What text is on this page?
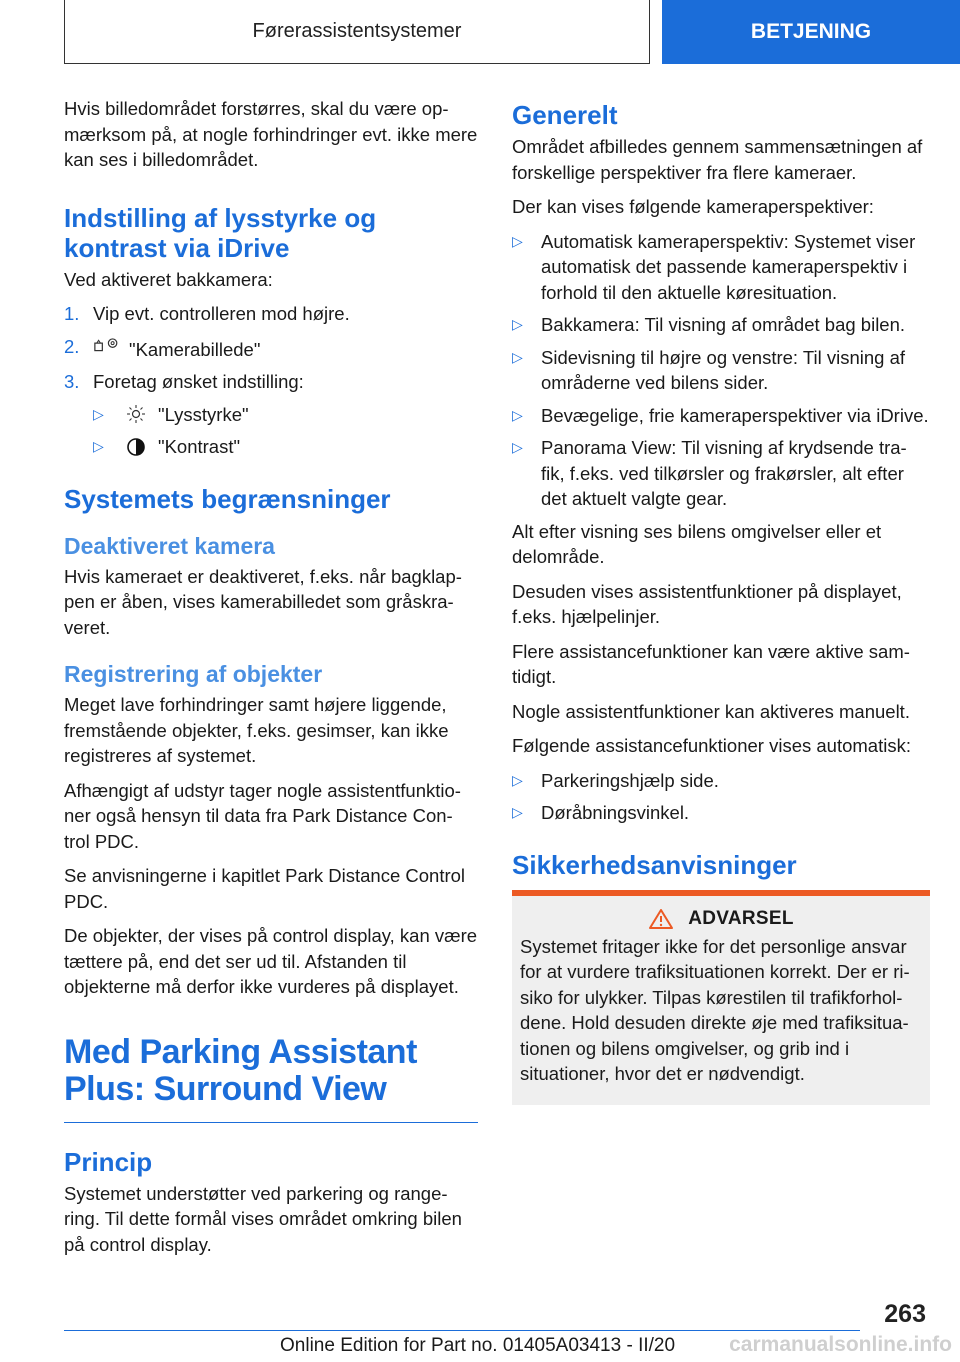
Førerassistentsystemer	BETJENING

Hvis billedområdet forstørres, skal du være op-mærksom på, at nogle forhindringer evt. ikke mere kan ses i billedområdet.

Indstilling af lysstyrke og kontrast via iDrive

Ved aktiveret bakkamera:

1. Vip evt. controlleren mod højre.
2.	"Kamerabillede"
3. Foretag ønsket indstilling:
▷	"Lysstyrke"
▷	"Kontrast"
Systemets begrænsninger
Deaktiveret kamera

Hvis kameraet er deaktiveret, f.eks. når bagklap-pen er åben, vises kamerabilledet som gråskra-veret.

Registrering af objekter

Meget lave forhindringer samt højere liggende, fremstående objekter, f.eks. gesimser, kan ikke registreres af systemet.

Afhængigt af udstyr tager nogle assistentfunktio-ner også hensyn til data fra Park Distance Con-trol PDC.

Se anvisningerne i kapitlet Park Distance Control PDC.

De objekter, der vises på control display, kan være tættere på, end det ser ud til. Afstanden til objekterne må derfor ikke vurderes på displayet.

Med Parking Assistant Plus: Surround View
Princip

Systemet understøtter ved parkering og range-ring. Til dette formål vises området omkring bilen på control display.

Generelt

Området afbilledes gennem sammensætningen af forskellige perspektiver fra flere kameraer.

Der kan vises følgende kameraperspektiver:

▷ Automatisk kameraperspektiv: Systemet viser automatisk det passende kameraperspektiv i forhold til den aktuelle køresituation.
▷ Bakkamera: Til visning af området bag bilen.
▷ Sidevisning til højre og venstre: Til visning af områderne ved bilens sider.
▷ Bevægelige, frie kameraperspektiver via iDrive.
▷ Panorama View: Til visning af krydsende tra-fik, f.eks. ved tilkørsler og frakørsler, alt efter det aktuelt valgte gear.

Alt efter visning ses bilens omgivelser eller et delområde.

Desuden vises assistentfunktioner på displayet, f.eks. hjælpelinjer.

Flere assistancefunktioner kan være aktive sam-tidigt.

Nogle assistentfunktioner kan aktiveres manuelt.

Følgende assistancefunktioner vises automatisk:

▷ Parkeringshjælp side.
▷ Døråbningsvinkel.
Sikkerhedsanvisninger
ADVARSEL

Systemet fritager ikke for det personlige ansvar for at vurdere trafiksituationen korrekt. Der er ri-siko for ulykker. Tilpas kørestilen til trafikforhol-dene. Hold desuden direkte øje med trafiksitua-tionen og bilens omgivelser, og grib ind i situationer, hvor det er nødvendigt.

263
Online Edition for Part no. 01405A03413 - II/20	carmanualsonline.info
